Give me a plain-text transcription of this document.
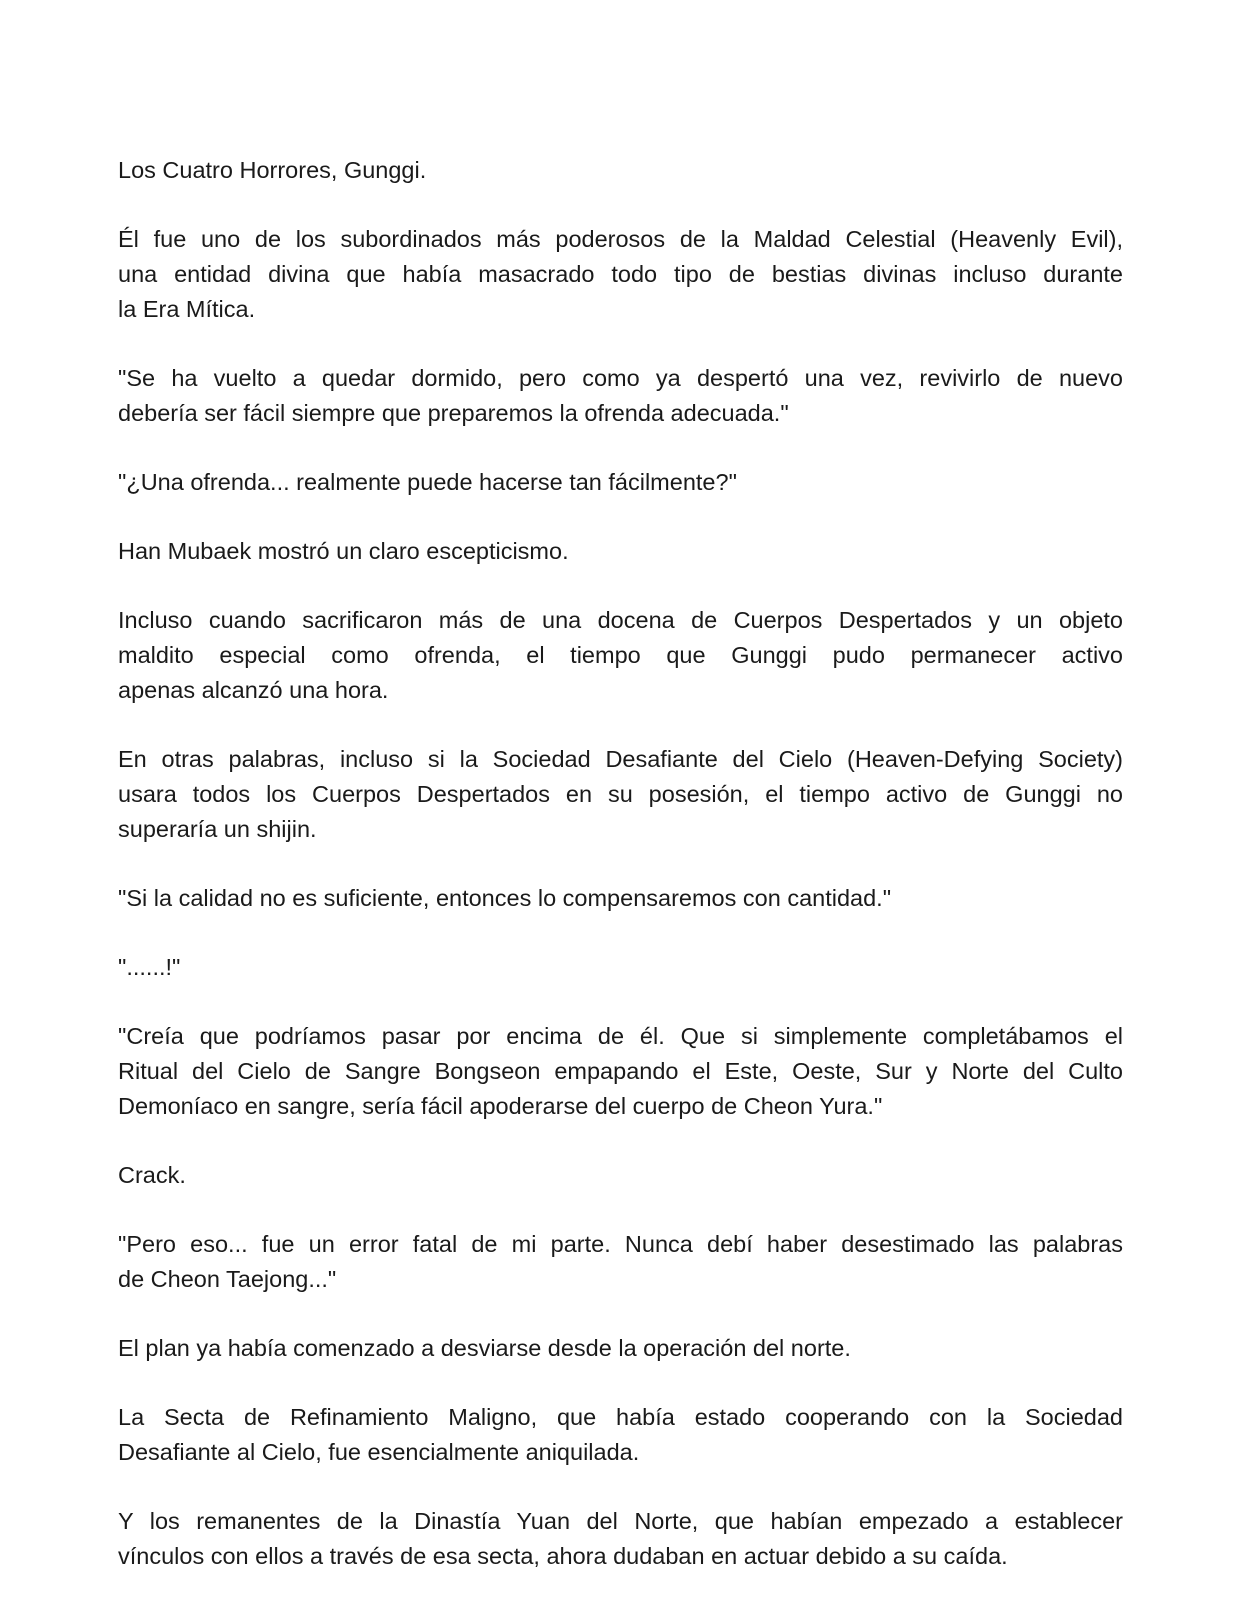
Los Cuatro Horrores, Gunggi.

Él fue uno de los subordinados más poderosos de la Maldad Celestial (Heavenly Evil),
una entidad divina que había masacrado todo tipo de bestias divinas incluso durante
la Era Mítica.

"Se ha vuelto a quedar dormido, pero como ya despertó una vez, revivirlo de nuevo
debería ser fácil siempre que preparemos la ofrenda adecuada."

"¿Una ofrenda... realmente puede hacerse tan fácilmente?"

Han Mubaek mostró un claro escepticismo.

Incluso cuando sacrificaron más de una docena de Cuerpos Despertados y un objeto
maldito especial como ofrenda, el tiempo que Gunggi pudo permanecer activo
apenas alcanzó una hora.

En otras palabras, incluso si la Sociedad Desafiante del Cielo (Heaven-Defying Society)
usara todos los Cuerpos Despertados en su posesión, el tiempo activo de Gunggi no
superaría un shijin.

"Si la calidad no es suficiente, entonces lo compensaremos con cantidad."

"......!"

"Creía que podríamos pasar por encima de él. Que si simplemente completábamos el
Ritual del Cielo de Sangre Bongseon empapando el Este, Oeste, Sur y Norte del Culto
Demoníaco en sangre, sería fácil apoderarse del cuerpo de Cheon Yura."

Crack.

"Pero eso... fue un error fatal de mi parte. Nunca debí haber desestimado las palabras
de Cheon Taejong..."

El plan ya había comenzado a desviarse desde la operación del norte.

La Secta de Refinamiento Maligno, que había estado cooperando con la Sociedad
Desafiante al Cielo, fue esencialmente aniquilada.

Y los remanentes de la Dinastía Yuan del Norte, que habían empezado a establecer
vínculos con ellos a través de esa secta, ahora dudaban en actuar debido a su caída.
